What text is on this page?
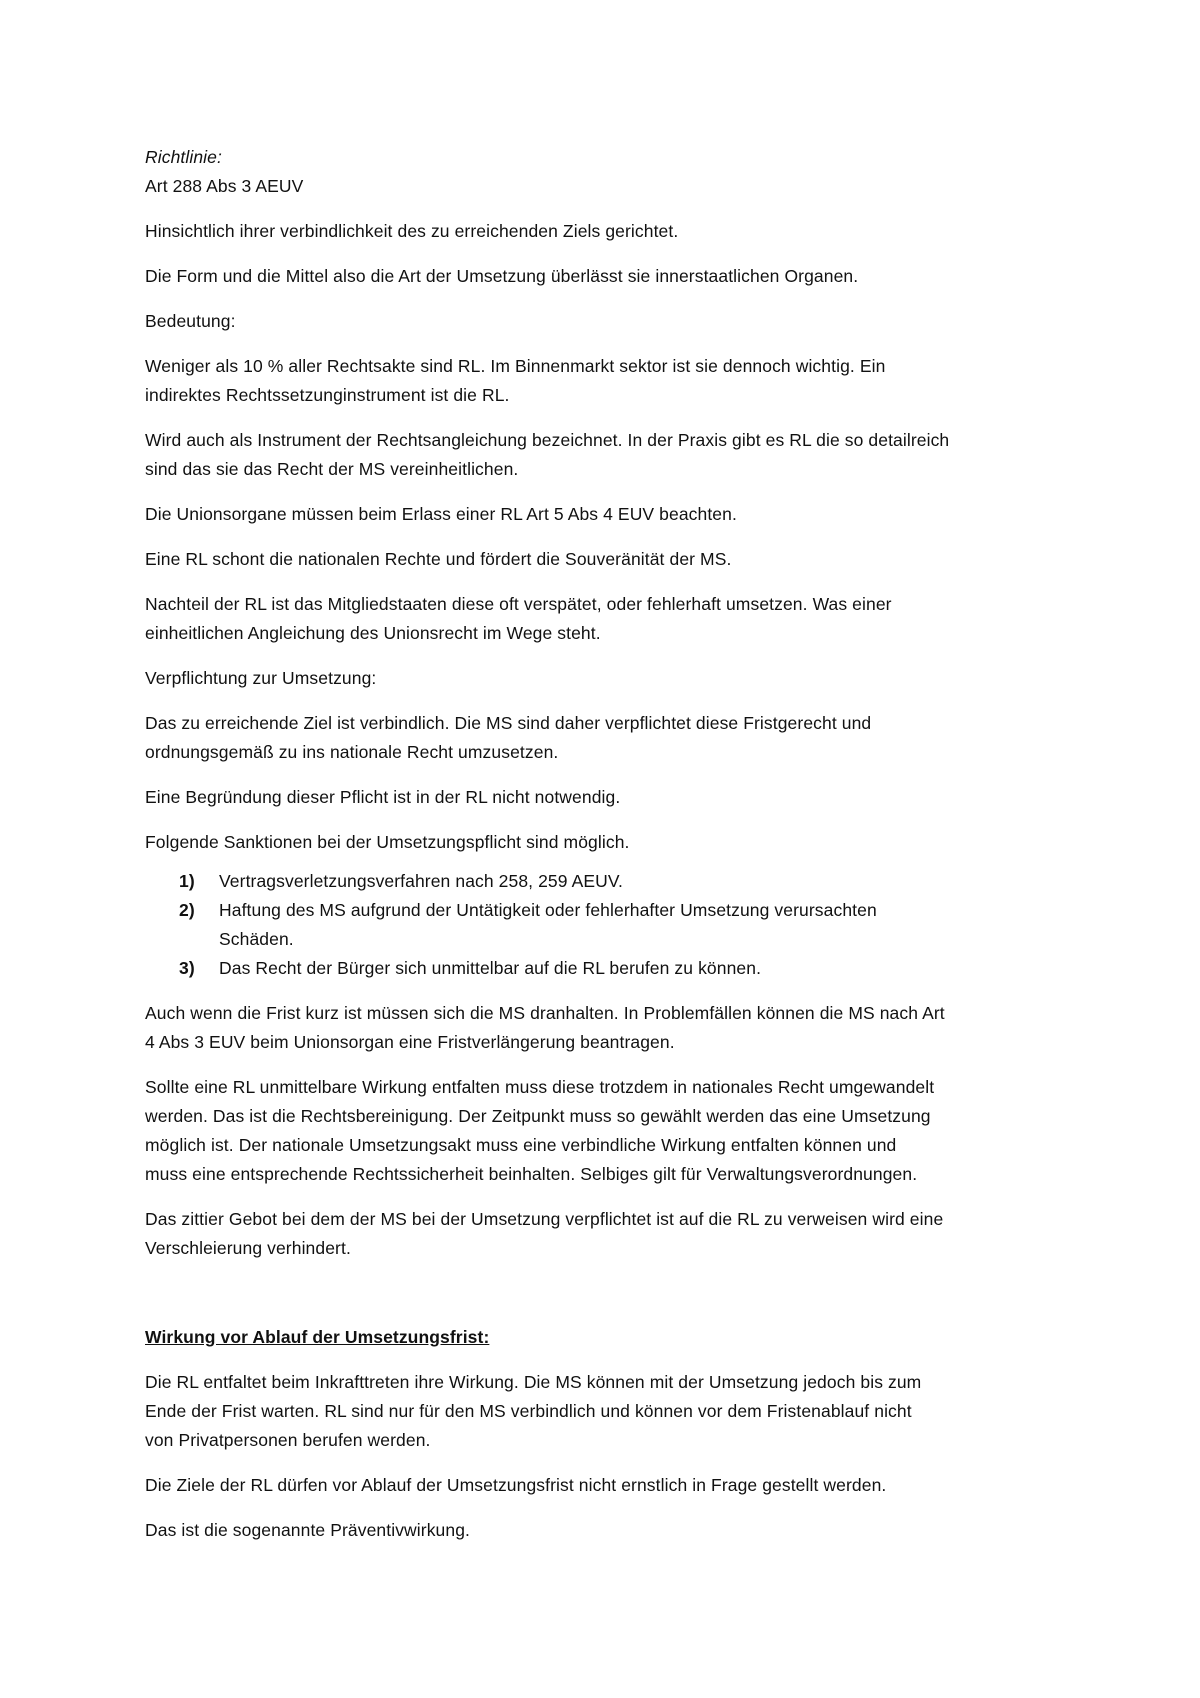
Richtlinie:
Art 288 Abs 3 AEUV
Hinsichtlich ihrer verbindlichkeit des zu erreichenden Ziels gerichtet.
Die Form und die Mittel also die Art der Umsetzung überlässt sie innerstaatlichen Organen.
Bedeutung:
Weniger als 10 % aller Rechtsakte sind RL. Im Binnenmarkt sektor ist sie dennoch wichtig. Ein
indirektes Rechtssetzunginstrument ist die RL.
Wird auch als Instrument der Rechtsangleichung bezeichnet. In der Praxis gibt es RL die so detailreich
sind das sie das Recht der MS vereinheitlichen.
Die Unionsorgane müssen beim Erlass einer RL Art 5 Abs 4 EUV beachten.
Eine RL schont die nationalen Rechte und fördert die Souveränität der MS.
Nachteil der RL ist das Mitgliedstaaten diese oft verspätet, oder fehlerhaft umsetzen. Was einer
einheitlichen Angleichung des Unionsrecht im Wege steht.
Verpflichtung zur Umsetzung:
Das zu erreichende Ziel ist verbindlich. Die MS sind daher verpflichtet diese Fristgerecht und
ordnungsgemäß zu ins nationale Recht umzusetzen.
Eine Begründung dieser Pflicht ist in der RL nicht notwendig.
Folgende Sanktionen bei der Umsetzungspflicht sind möglich.
1) Vertragsverletzungsverfahren nach 258, 259 AEUV.
2) Haftung des MS aufgrund der Untätigkeit oder fehlerhafter Umsetzung verursachten
Schäden.
3) Das Recht der Bürger sich unmittelbar auf die RL berufen zu können.
Auch wenn die Frist kurz ist müssen sich die MS dranhalten. In Problemfällen können die MS nach Art
4 Abs 3 EUV beim Unionsorgan eine Fristverlängerung beantragen.
Sollte eine RL unmittelbare Wirkung entfalten muss diese trotzdem in nationales Recht umgewandelt
werden. Das ist die Rechtsbereinigung. Der Zeitpunkt muss so gewählt werden das eine Umsetzung
möglich ist. Der nationale Umsetzungsakt muss eine verbindliche Wirkung entfalten können und
muss eine entsprechende Rechtssicherheit beinhalten. Selbiges gilt für Verwaltungsverordnungen.
Das zittier Gebot bei dem der MS bei der Umsetzung verpflichtet ist auf die RL zu verweisen wird eine
Verschleierung verhindert.
Wirkung vor Ablauf der Umsetzungsfrist:
Die RL entfaltet beim Inkrafttreten ihre Wirkung. Die MS können mit der Umsetzung jedoch bis zum
Ende der Frist warten. RL sind nur für den MS verbindlich und können vor dem Fristenablauf nicht
von Privatpersonen berufen werden.
Die Ziele der RL dürfen vor Ablauf der Umsetzungsfrist nicht ernstlich in Frage gestellt werden.
Das ist die sogenannte Präventivwirkung.
